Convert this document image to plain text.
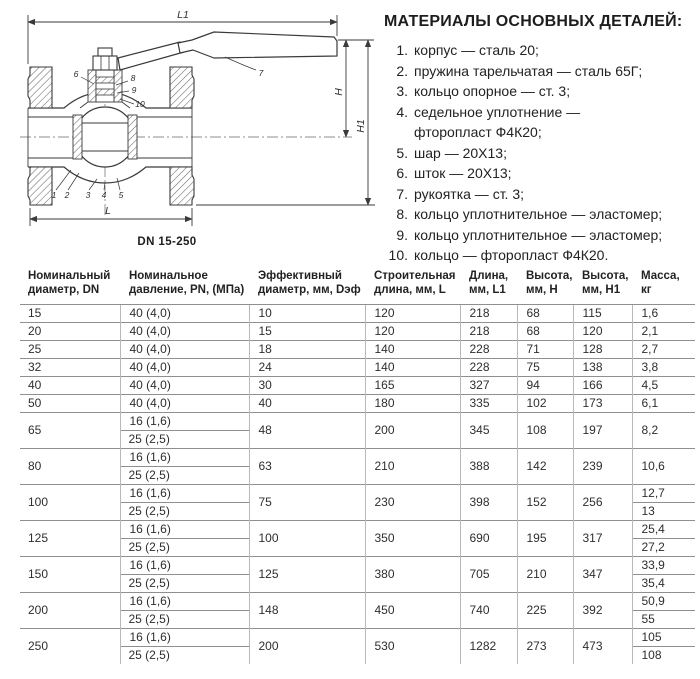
L1
H
H1
L
7
6	8
9
10
1 2 3 4 5
DN 15-250
МАТЕРИАЛЫ ОСНОВНЫХ ДЕТАЛЕЙ:
1. корпус — сталь 20;
2. пружина тарельчатая — сталь 65Г;
3. кольцо опорное — ст. 3;
4. седельное уплотнение —
фторопласт Ф4К20;
5. шар — 20Х13;
6. шток — 20Х13;
7. рукоятка — ст. 3;
8. кольцо уплотнительное — эластомер;
9. кольцо уплотнительное — эластомер;
10. кольцо — фторопласт Ф4К20.
Номинальный диаметр, DN	Номинальное давление, PN, (МПа)	Эффективный диаметр, мм, Dэф	Строительная длина, мм, L	Длина, мм, L1	Высота, мм, H	Высота, мм, H1	Масса, кг
15	40 (4,0)	10	120	218	68	115	1,6
20	40 (4,0)	15	120	218	68	120	2,1
25	40 (4,0)	18	140	228	71	128	2,7
32	40 (4,0)	24	140	228	75	138	3,8
40	40 (4,0)	30	165	327	94	166	4,5
50	40 (4,0)	40	180	335	102	173	6,1
65	16 (1,6)	48	200	345	108	197	8,2
	25 (2,5)						
80	16 (1,6)	63	210	388	142	239	10,6
	25 (2,5)						
100	16 (1,6)	75	230	398	152	256	12,7
	25 (2,5)						13
125	16 (1,6)	100	350	690	195	317	25,4
	25 (2,5)						27,2
150	16 (1,6)	125	380	705	210	347	33,9
	25 (2,5)						35,4
200	16 (1,6)	148	450	740	225	392	50,9
	25 (2,5)						55
250	16 (1,6)	200	530	1282	273	473	105
	25 (2,5)						108
